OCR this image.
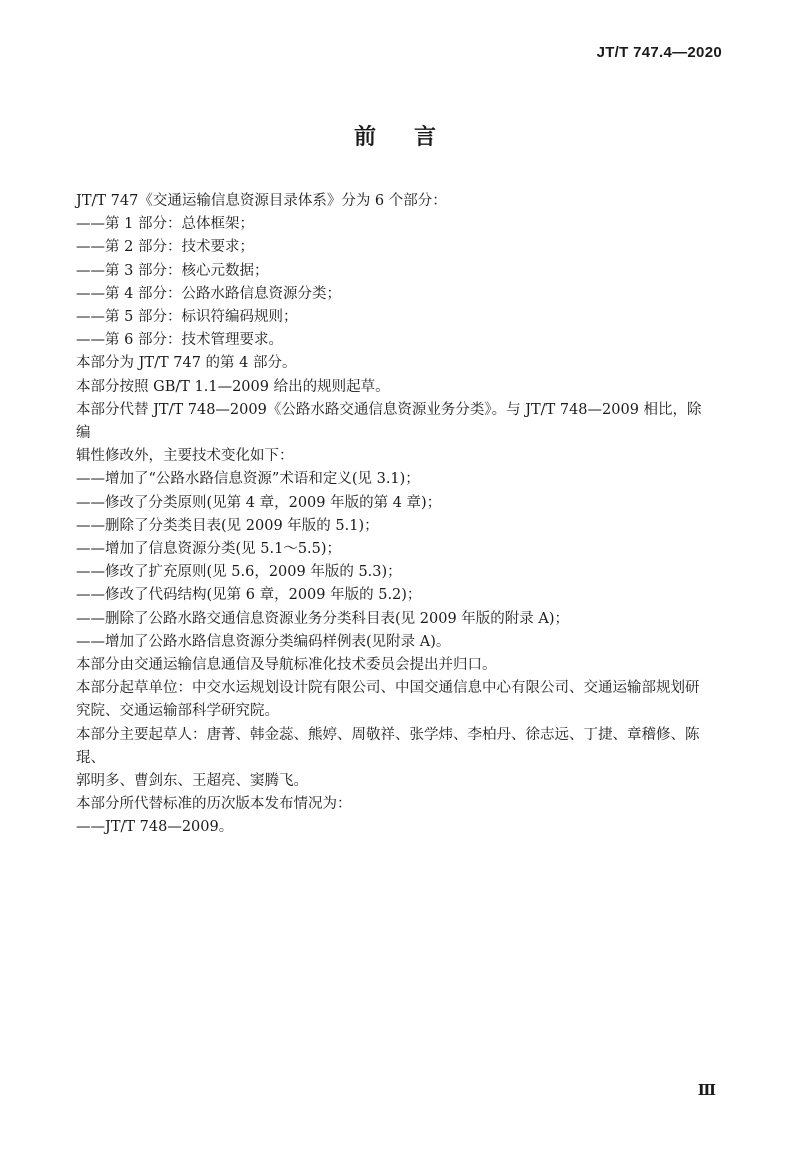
JT/T 747.4—2020
前言

JT/T 747《交通运输信息资源目录体系》分为 6 个部分：

——第 1 部分：总体框架；

——第 2 部分：技术要求；

——第 3 部分：核心元数据；

——第 4 部分：公路水路信息资源分类；

——第 5 部分：标识符编码规则；

——第 6 部分：技术管理要求。

本部分为 JT/T 747 的第 4 部分。

本部分按照 GB/T 1.1—2009 给出的规则起草。

本部分代替 JT/T 748—2009《公路水路交通信息资源业务分类》。与 JT/T 748—2009 相比，除编

辑性修改外，主要技术变化如下：

——增加了“公路水路信息资源”术语和定义(见 3.1)；

——修改了分类原则(见第 4 章，2009 年版的第 4 章)；

——删除了分类类目表(见 2009 年版的 5.1)；

——增加了信息资源分类(见 5.1～5.5)；

——修改了扩充原则(见 5.6，2009 年版的 5.3)；

——修改了代码结构(见第 6 章，2009 年版的 5.2)；

——删除了公路水路交通信息资源业务分类科目表(见 2009 年版的附录 A)；

——增加了公路水路信息资源分类编码样例表(见附录 A)。

本部分由交通运输信息通信及导航标准化技术委员会提出并归口。

本部分起草单位：中交水运规划设计院有限公司、中国交通信息中心有限公司、交通运输部规划研

究院、交通运输部科学研究院。

本部分主要起草人：唐菁、韩金蕊、熊婷、周敬祥、张学炜、李柏丹、徐志远、丁捷、章稽修、陈琨、

郭明多、曹剑东、王超亮、窦腾飞。

本部分所代替标准的历次版本发布情况为：

——JT/T 748—2009。

Ⅲ
